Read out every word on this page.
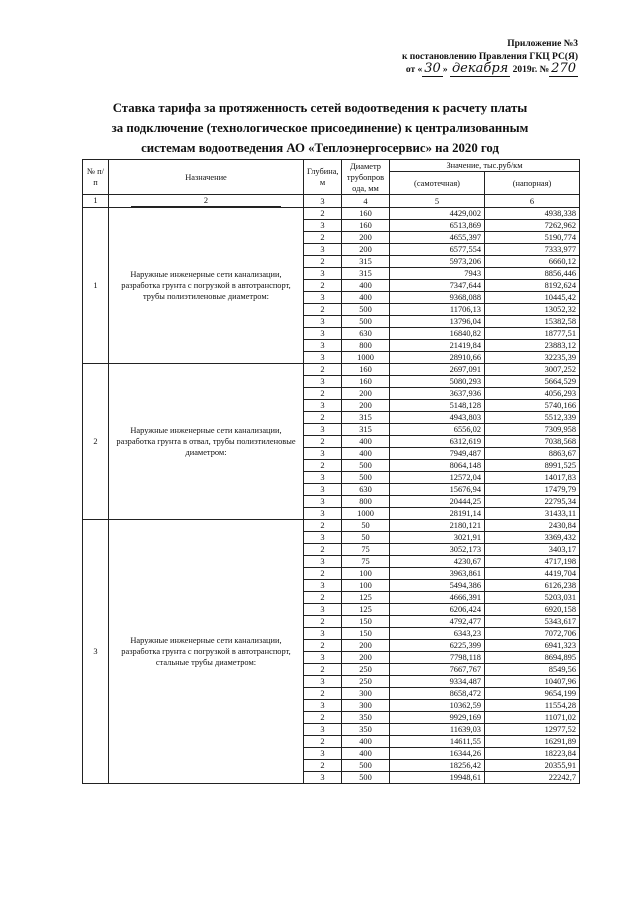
Приложение №3
к постановлению Правления ГКЦ РС(Я)
от « 30 » декабря 2019г. № 270
Ставка тарифа за протяженность сетей водоотведения к расчету платы
за подключение (технологическое присоединение) к централизованным
системам водоотведения АО «Теплоэнергосервис» на 2020 год
№ п/п	Назначение	Глубина, м	Диаметр трубопров ода, мм	Значение, тыс.руб/км	
				(самотечная)	(напорная)
1	2	3	4	5	6
1	Наружные инженерные сети канализации, разработка грунта с погрузкой в автотранспорт, трубы полиэтиленовые диаметром:	2	160	4429,002	4938,338
		3	160	6513,869	7262,962
		2	200	4655,397	5190,774
		3	200	6577,554	7333,977
		2	315	5973,206	6660,12
		3	315	7943	8856,446
		2	400	7347,644	8192,624
		3	400	9368,088	10445,42
		2	500	11706,13	13052,32
		3	500	13796,04	15382,58
		3	630	16840,82	18777,51
		3	800	21419,84	23883,12
		3	1000	28910,66	32235,39
2	Наружные инженерные сети канализации, разработка грунта в отвал, трубы полиэтиленовые диаметром:	2	160	2697,091	3007,252
		3	160	5080,293	5664,529
		2	200	3637,936	4056,293
		3	200	5148,128	5740,166
		2	315	4943,803	5512,339
		3	315	6556,02	7309,958
		2	400	6312,619	7038,568
		3	400	7949,487	8863,67
		2	500	8064,148	8991,525
		3	500	12572,04	14017,83
		3	630	15676,94	17479,79
		3	800	20444,25	22795,34
		3	1000	28191,14	31433,11
3	Наружные инженерные сети канализации, разработка грунта с погрузкой в автотранспорт, стальные трубы диаметром:	2	50	2180,121	2430,84
		3	50	3021,91	3369,432
		2	75	3052,173	3403,17
		3	75	4230,67	4717,198
		2	100	3963,861	4419,704
		3	100	5494,386	6126,238
		2	125	4666,391	5203,031
		3	125	6206,424	6920,158
		2	150	4792,477	5343,617
		3	150	6343,23	7072,706
		2	200	6225,399	6941,323
		3	200	7798,118	8694,895
		2	250	7667,767	8549,56
		3	250	9334,487	10407,96
		2	300	8658,472	9654,199
		3	300	10362,59	11554,28
		2	350	9929,169	11071,02
		3	350	11639,03	12977,52
		2	400	14611,55	16291,89
		3	400	16344,26	18223,84
		2	500	18256,42	20355,91
		3	500	19948,61	22242,7
